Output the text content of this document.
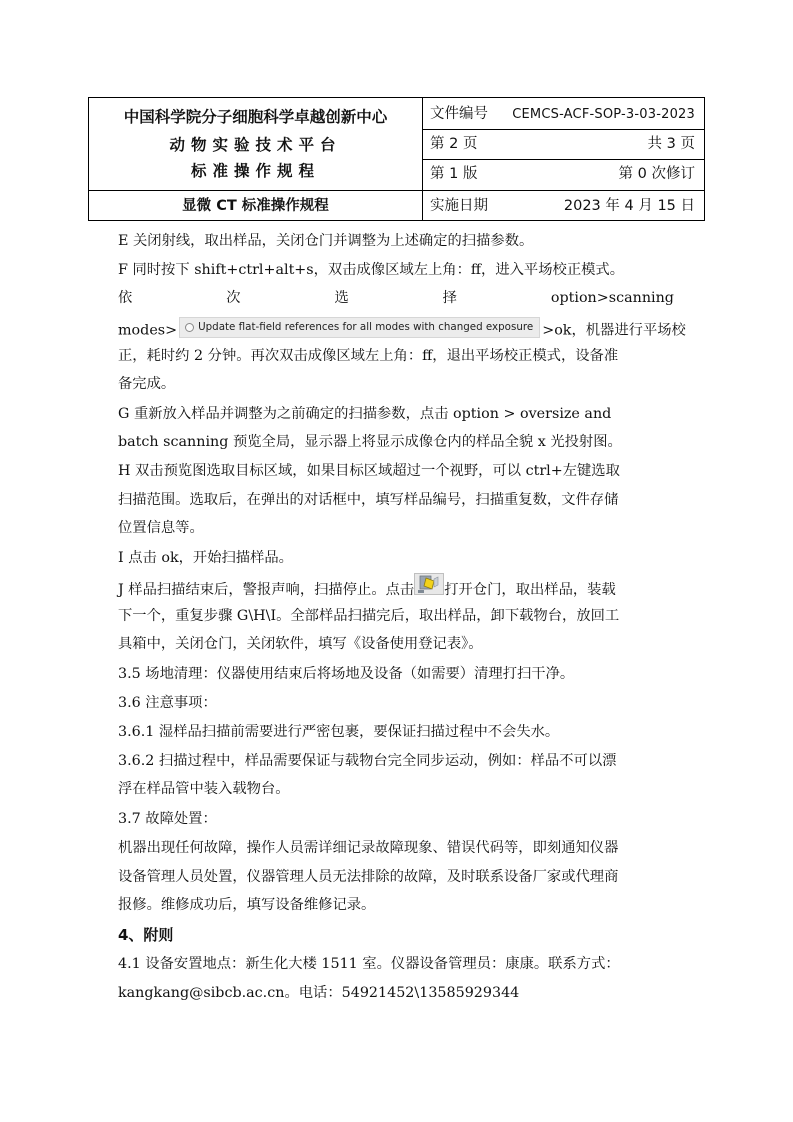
中国科学院分子细胞科学卓越创新中心
动物实验技术平台
标准操作规程
显微 CT 标准操作规程
文件编号 CEMCS-ACF-SOP-3-03-2023
第 2 页	共 3 页
第 1 版	第 0 次修订
实施日期	2023 年 4 月 15 日
E 关闭射线，取出样品，关闭仓门并调整为上述确定的扫描参数。
F 同时按下 shift+ctrl+alt+s，双击成像区域左上角：ff，进入平场校正模式。
依	次	选	择	option>scanning
modes> Update flat-field references for all modes with changed exposure >ok，机器进行平场校
正，耗时约 2 分钟。再次双击成像区域左上角：ff，退出平场校正模式，设备准
备完成。
G 重新放入样品并调整为之前确定的扫描参数，点击 option > oversize and
batch scanning 预览全局，显示器上将显示成像仓内的样品全貌 x 光投射图。
H 双击预览图选取目标区域，如果目标区域超过一个视野，可以 ctrl+左键选取
扫描范围。选取后，在弹出的对话框中，填写样品编号，扫描重复数，文件存储
位置信息等。
I 点击 ok，开始扫描样品。
J 样品扫描结束后，警报声响，扫描停止。点击 打开仓门，取出样品，装载
下一个，重复步骤 G\H\I。全部样品扫描完后，取出样品，卸下载物台，放回工
具箱中，关闭仓门，关闭软件，填写《设备使用登记表》。
3.5 场地清理：仪器使用结束后将场地及设备（如需要）清理打扫干净。
3.6 注意事项：
3.6.1 湿样品扫描前需要进行严密包裹，要保证扫描过程中不会失水。
3.6.2 扫描过程中，样品需要保证与载物台完全同步运动，例如：样品不可以漂
浮在样品管中装入载物台。
3.7 故障处置：
机器出现任何故障，操作人员需详细记录故障现象、错误代码等，即刻通知仪器
设备管理人员处置，仪器管理人员无法排除的故障，及时联系设备厂家或代理商
报修。维修成功后，填写设备维修记录。
4、附则
4.1 设备安置地点：新生化大楼 1511 室。仪器设备管理员：康康。联系方式：
kangkang@sibcb.ac.cn。电话：54921452\13585929344
